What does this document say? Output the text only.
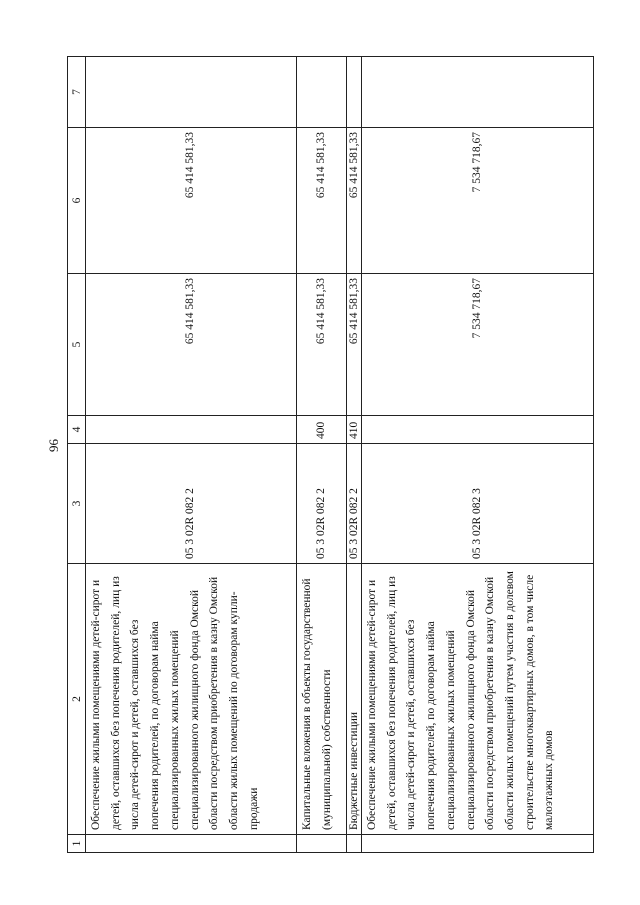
96
1	2	3	4	5	6	7
	Обеспечение жилыми помещениями детей-сирот и детей, оставшихся без попечения родителей, лиц из числа детей-сирот и детей, оставшихся без попечения родителей, по договорам найма специализированных жилых помещений специализированного жилищного фонда Омской области посредством приобретения в казну Омской области жилых помещений по договорам купли-продажи	05 3 02R 082 2		65 414 581,33	65 414 581,33	
	Капитальные вложения в объекты государственной (муниципальной) собственности	05 3 02R 082 2	400	65 414 581,33	65 414 581,33	
	Бюджетные инвестиции	05 3 02R 082 2	410	65 414 581,33	65 414 581,33	
	Обеспечение жилыми помещениями детей-сирот и детей, оставшихся без попечения родителей, лиц из числа детей-сирот и детей, оставшихся без попечения родителей, по договорам найма специализированных жилых помещений специализированного жилищного фонда Омской области посредством приобретения в казну Омской области жилых помещений путем участия в долевом строительстве многоквартирных домов, в том числе малоэтажных домов	05 3 02R 082 3		7 534 718,67	7 534 718,67	
